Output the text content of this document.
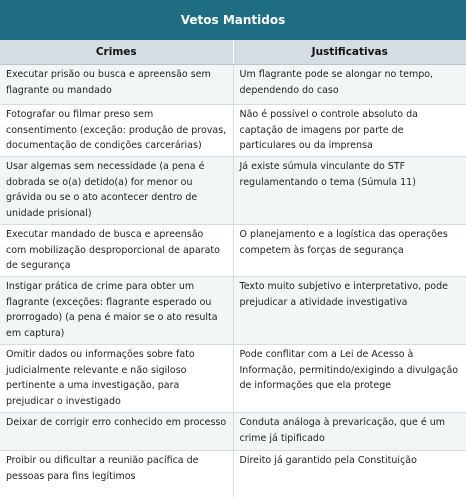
Vetos Mantidos
Crimes	Justificativas
Executar prisão ou busca e apreensão sem flagrante ou mandado	Um flagrante pode se alongar no tempo, dependendo do caso
Fotografar ou filmar preso sem consentimento (exceção: produção de provas, documentação de condições carcerárias)	Não é possível o controle absoluto da captação de imagens por parte de particulares ou da imprensa
Usar algemas sem necessidade (a pena é dobrada se o(a) detido(a) for menor ou grávida ou se o ato acontecer dentro de unidade prisional)	Já existe súmula vinculante do STF regulamentando o tema (Súmula 11)
Executar mandado de busca e apreensão com mobilização desproporcional de aparato de segurança	O planejamento e a logística das operações competem às forças de segurança
Instigar prática de crime para obter um flagrante (exceções: flagrante esperado ou prorrogado) (a pena é maior se o ato resulta em captura)	Texto muito subjetivo e interpretativo, pode prejudicar a atividade investigativa
Omitir dados ou informações sobre fato judicialmente relevante e não sigiloso pertinente a uma investigação, para prejudicar o investigado	Pode conflitar com a Lei de Acesso à Informação, permitindo/exigindo a divulgação de informações que ela protege
Deixar de corrigir erro conhecido em processo	Conduta análoga à prevaricação, que é um crime já tipificado
Proibir ou dificultar a reunião pacífica de pessoas para fins legítimos	Direito já garantido pela Constituição
